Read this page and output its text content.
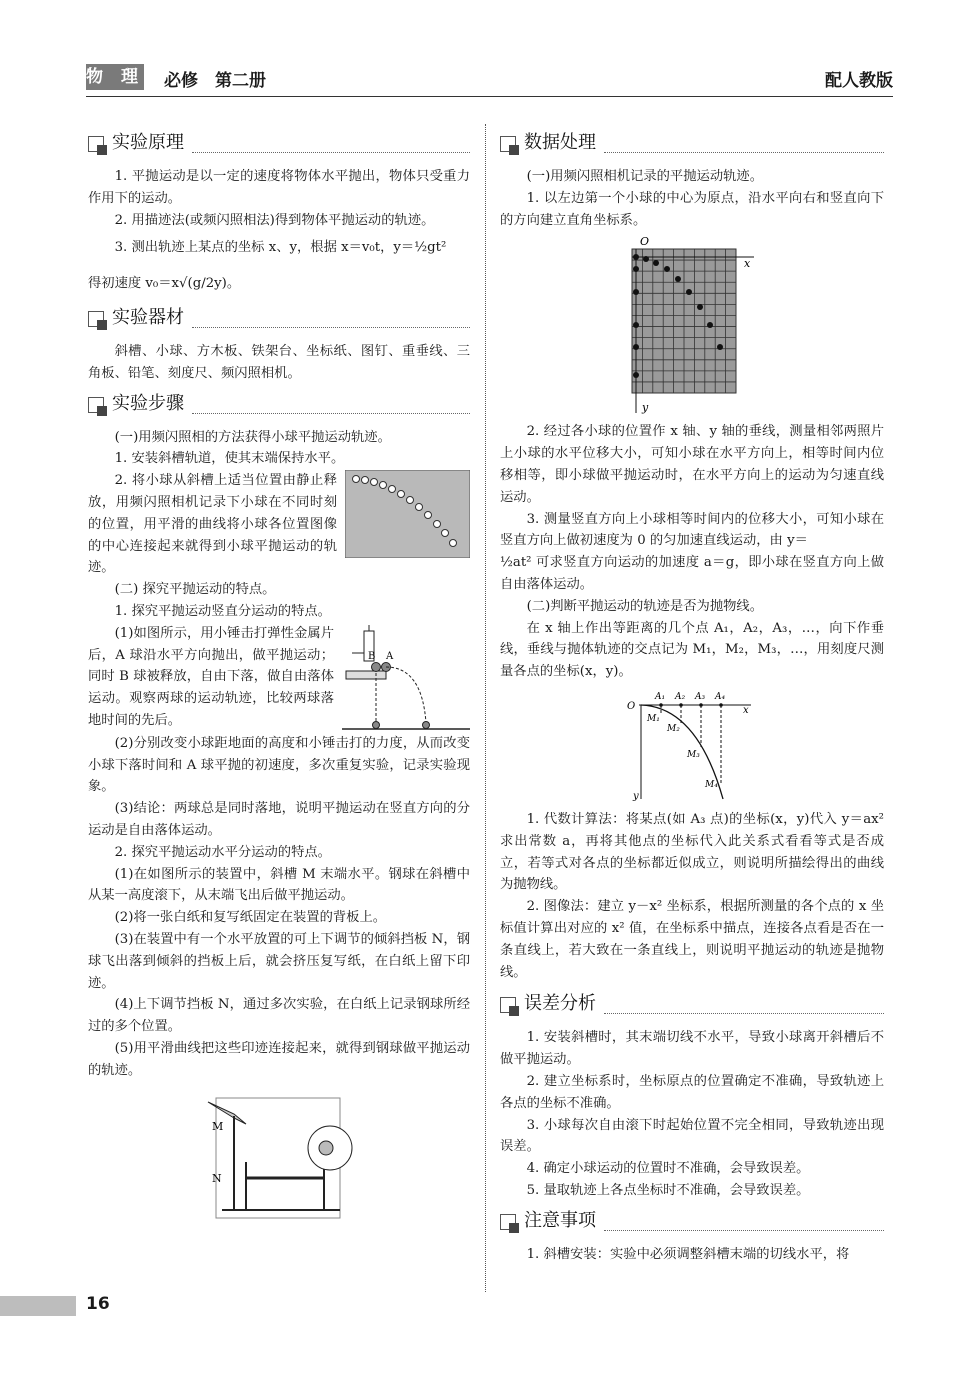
物 理 必修　第二册	配人教版
实验原理

1. 平抛运动是以一定的速度将物体水平抛出，物体只受重力作用下的运动。

2. 用描迹法(或频闪照相法)得到物体平抛运动的轨迹。

3. 测出轨迹上某点的坐标 x、y，根据 x＝v₀t，y＝½gt²

得初速度 v₀＝x√(g/2y)。

实验器材

斜槽、小球、方木板、铁架台、坐标纸、图钉、重垂线、三角板、铅笔、刻度尺、频闪照相机。

实验步骤

(一)用频闪照相的方法获得小球平抛运动轨迹。

1. 安装斜槽轨道，使其末端保持水平。

2. 将小球从斜槽上适当位置由静止释放，用频闪照相机记录下小球在不同时刻的位置，用平滑的曲线将小球各位置图像的中心连接起来就得到小球平抛运动的轨迹。

(二) 探究平抛运动的特点。

1. 探究平抛运动竖直分运动的特点。

(1)如图所示，用小锤击打弹性金属片后，A 球沿水平方向抛出，做平抛运动；同时 B 球被释放，自由下落，做自由落体运动。观察两球的运动轨迹，比较两球落地时间的先后。

B A

(2)分别改变小球距地面的高度和小锤击打的力度，从而改变小球下落时间和 A 球平抛的初速度，多次重复实验，记录实验现象。

(3)结论：两球总是同时落地，说明平抛运动在竖直方向的分运动是自由落体运动。

2. 探究平抛运动水平分运动的特点。

(1)在如图所示的装置中，斜槽 M 末端水平。钢球在斜槽中从某一高度滚下，从末端飞出后做平抛运动。

(2)将一张白纸和复写纸固定在装置的背板上。

(3)在装置中有一个水平放置的可上下调节的倾斜挡板 N，钢球飞出落到倾斜的挡板上后，就会挤压复写纸，在白纸上留下印迹。

(4)上下调节挡板 N，通过多次实验，在白纸上记录钢球所经过的多个位置。

(5)用平滑曲线把这些印迹连接起来，就得到钢球做平抛运动的轨迹。

M
N
数据处理

(一)用频闪照相机记录的平抛运动轨迹。

1. 以左边第一个小球的中心为原点，沿水平向右和竖直向下的方向建立直角坐标系。

O
x
y

2. 经过各小球的位置作 x 轴、y 轴的垂线，测量相邻两照片上小球的水平位移大小，可知小球在水平方向上，相等时间内位移相等，即小球做平抛运动时，在水平方向上的运动为匀速直线运动。

3. 测量竖直方向上小球相等时间内的位移大小，可知小球在竖直方向上做初速度为 0 的匀加速直线运动，由 y＝

½at² 可求竖直方向运动的加速度 a＝g，即小球在竖直方向上做自由落体运动。

(二)判断平抛运动的轨迹是否为抛物线。

在 x 轴上作出等距离的几个点 A₁，A₂，A₃，…，向下作垂线，垂线与抛体轨迹的交点记为 M₁，M₂，M₃，…，用刻度尺测量各点的坐标(x，y)。

O	x
y
A₁ A₂ A₃ A₄
M₁
M₂
M₃
M₄

1. 代数计算法：将某点(如 A₃ 点)的坐标(x，y)代入 y＝ax² 求出常数 a，再将其他点的坐标代入此关系式看看等式是否成立，若等式对各点的坐标都近似成立，则说明所描绘得出的曲线为抛物线。

2. 图像法：建立 y－x² 坐标系，根据所测量的各个点的 x 坐标值计算出对应的 x² 值，在坐标系中描点，连接各点看是否在一条直线上，若大致在一条直线上，则说明平抛运动的轨迹是抛物线。

误差分析

1. 安装斜槽时，其末端切线不水平，导致小球离开斜槽后不做平抛运动。

2. 建立坐标系时，坐标原点的位置确定不准确，导致轨迹上各点的坐标不准确。

3. 小球每次自由滚下时起始位置不完全相同，导致轨迹出现误差。

4. 确定小球运动的位置时不准确，会导致误差。

5. 量取轨迹上各点坐标时不准确，会导致误差。

注意事项

1. 斜槽安装：实验中必须调整斜槽末端的切线水平，将

16
